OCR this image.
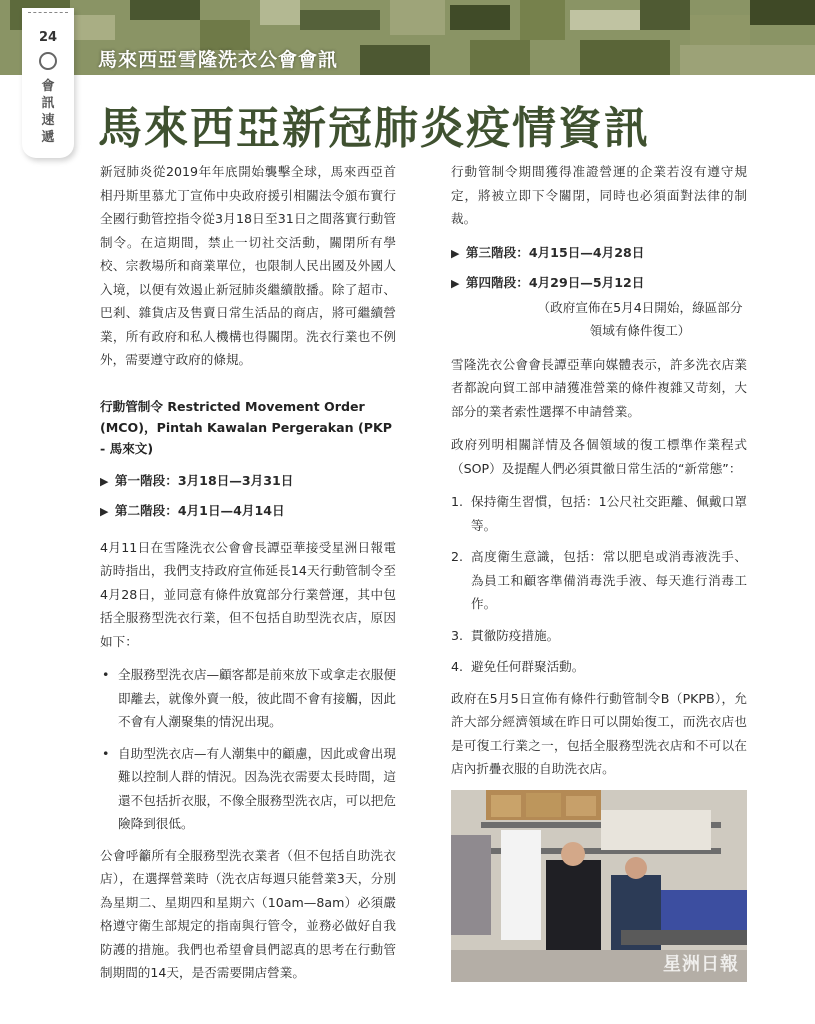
馬來西亞雪隆洗衣公會會訊
24
會
訊
速
遞 馬來西亞新冠肺炎疫情資訊

新冠肺炎從2019年年底開始襲擊全球，馬來西亞首相丹斯里慕尤丁宣佈中央政府援引相關法令頒布實行全國行動管控指令從3月18日至31日之間落實行動管制令。在這期間，禁止一切社交活動，關閉所有學校、宗教場所和商業單位，也限制人民出國及外國人入境，以便有效遏止新冠肺炎繼續散播。除了超市、巴剎、雜貨店及售賣日常生活品的商店，將可繼續營業，所有政府和私人機構也得關閉。洗衣行業也不例外，需要遵守政府的條規。

行動管制令 Restricted Movement Order (MCO)，Pintah Kawalan Pergerakan (PKP - 馬來文)
▶ 第一階段：3月18日—3月31日
▶ 第二階段：4月1日—4月14日

4月11日在雪隆洗衣公會會長譚亞華接受星洲日報電訪時指出，我們支持政府宣佈延長14天行動管制令至4月28日，並同意有條件放寬部分行業營運，其中包括全服務型洗衣行業，但不包括自助型洗衣店，原因如下：

• 全服務型洗衣店—顧客都是前來放下或拿走衣服便即離去，就像外賣一般，彼此間不會有接觸，因此不會有人潮聚集的情況出現。
• 自助型洗衣店—有人潮集中的顧慮，因此或會出現難以控制人群的情況。因為洗衣需要太長時間，這還不包括折衣服，不像全服務型洗衣店，可以把危險降到很低。

公會呼籲所有全服務型洗衣業者（但不包括自助洗衣店），在選擇營業時（洗衣店每週只能營業3天，分別為星期二、星期四和星期六（10am—8am）必須嚴格遵守衛生部規定的指南與行管令，並務必做好自我防護的措施。我們也希望會員們認真的思考在行動管制期間的14天，是否需要開店營業。

行動管制令期間獲得准證營運的企業若沒有遵守規定，將被立即下令關閉，同時也必須面對法律的制裁。

▶ 第三階段：4月15日—4月28日
▶ 第四階段：4月29日—5月12日
（政府宣佈在5月4日開始，綠區部分領域有條件復工）

雪隆洗衣公會會長譚亞華向媒體表示，許多洗衣店業者都說向貿工部申請獲准營業的條件複雜又苛刻，大部分的業者索性選擇不申請營業。

政府列明相關詳情及各個領域的復工標準作業程式（SOP）及提醒人們必須貫徹日常生活的“新常態”：

1. 保持衛生習慣，包括：1公尺社交距離、佩戴口罩等。
2. 高度衛生意識，包括：常以肥皂或消毒液洗手、為員工和顧客準備消毒洗手液、每天進行消毒工作。
3. 貫徹防疫措施。
4. 避免任何群聚活動。

政府在5月5日宣佈有條件行動管制令B（PKPB），允許大部分經濟領域在昨日可以開始復工，而洗衣店也是可復工行業之一，包括全服務型洗衣店和不可以在店內折疊衣服的自助洗衣店。

星洲日報
